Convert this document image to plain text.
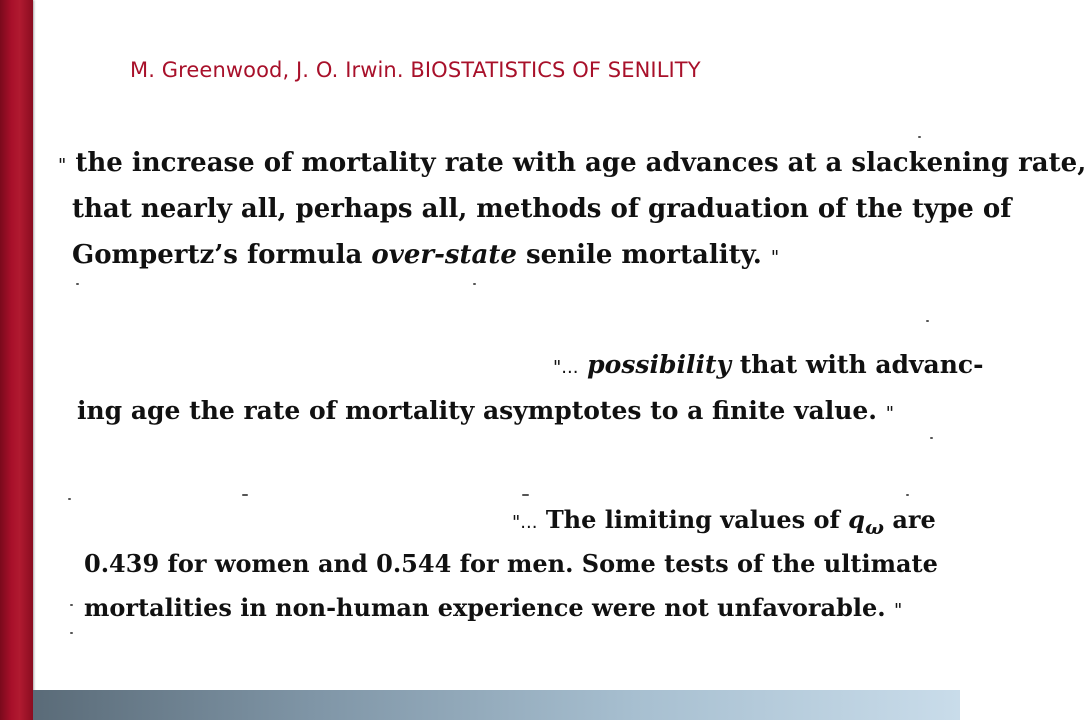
M. Greenwood, J. O. Irwin. BIOSTATISTICS OF SENILITY
" the increase of mortality rate with age advances at a slackening rate,
that nearly all, perhaps all, methods of graduation of the type of
Gompertz’s formula over-state senile mortality. "
"... possibility that with advanc-
ing age the rate of mortality asymptotes to a finite value. "
"... The limiting values of $q_\omega$ are
0.439 for women and 0.544 for men. Some tests of the ultimate
mortalities in non-human experience were not unfavorable. "
